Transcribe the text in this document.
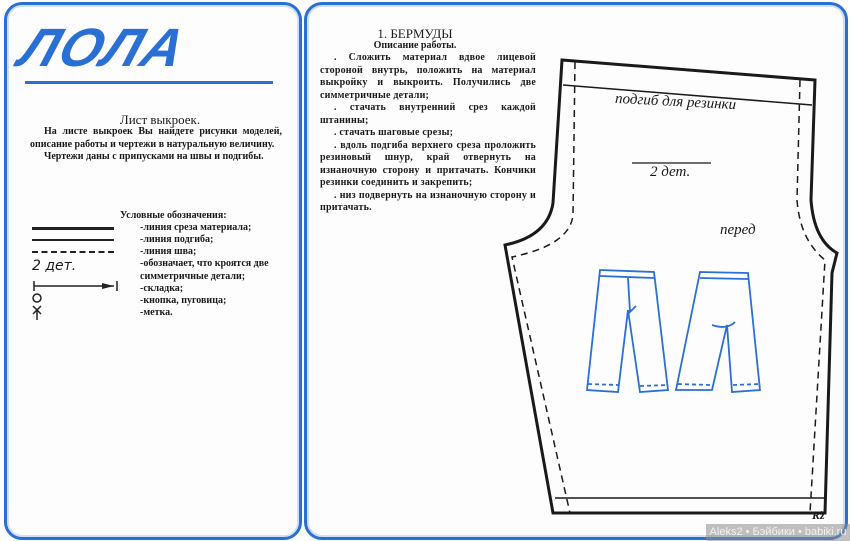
ЛОЛА
Лист выкроек.
На листе выкроек Вы найдете рисунки моделей, описание работы и чертежи в натуральную величину.
Чертежи даны с припусками на швы и подгибы.
Условные обозначения:
-линия среза материала;
-линия подгиба;
-линия шва;
-обозначает, что кроятся две симметричные детали;
-складка;
-кнопка, пуговица;
-метка.
2 дет.
1. БЕРМУДЫ
Описание работы.
. Сложить материал вдвое лицевой стороной внутрь, положить на материал выкройку и выкроить. Получились две симметричные детали;
. стачать внутренний срез каждой штанины;
. стачать шаговые срезы;
. вдоль подгиба верхнего среза проложить резиновый шнур, край отвернуть на изнаночную сторону и притачать. Кончики резинки соединить и закрепить;
. низ подвернуть на изнаночную сторону и притачать.
подгиб для резинки
2 дет.
перед
Rž
Aleks2 • Бэйбики • babiki.ru
